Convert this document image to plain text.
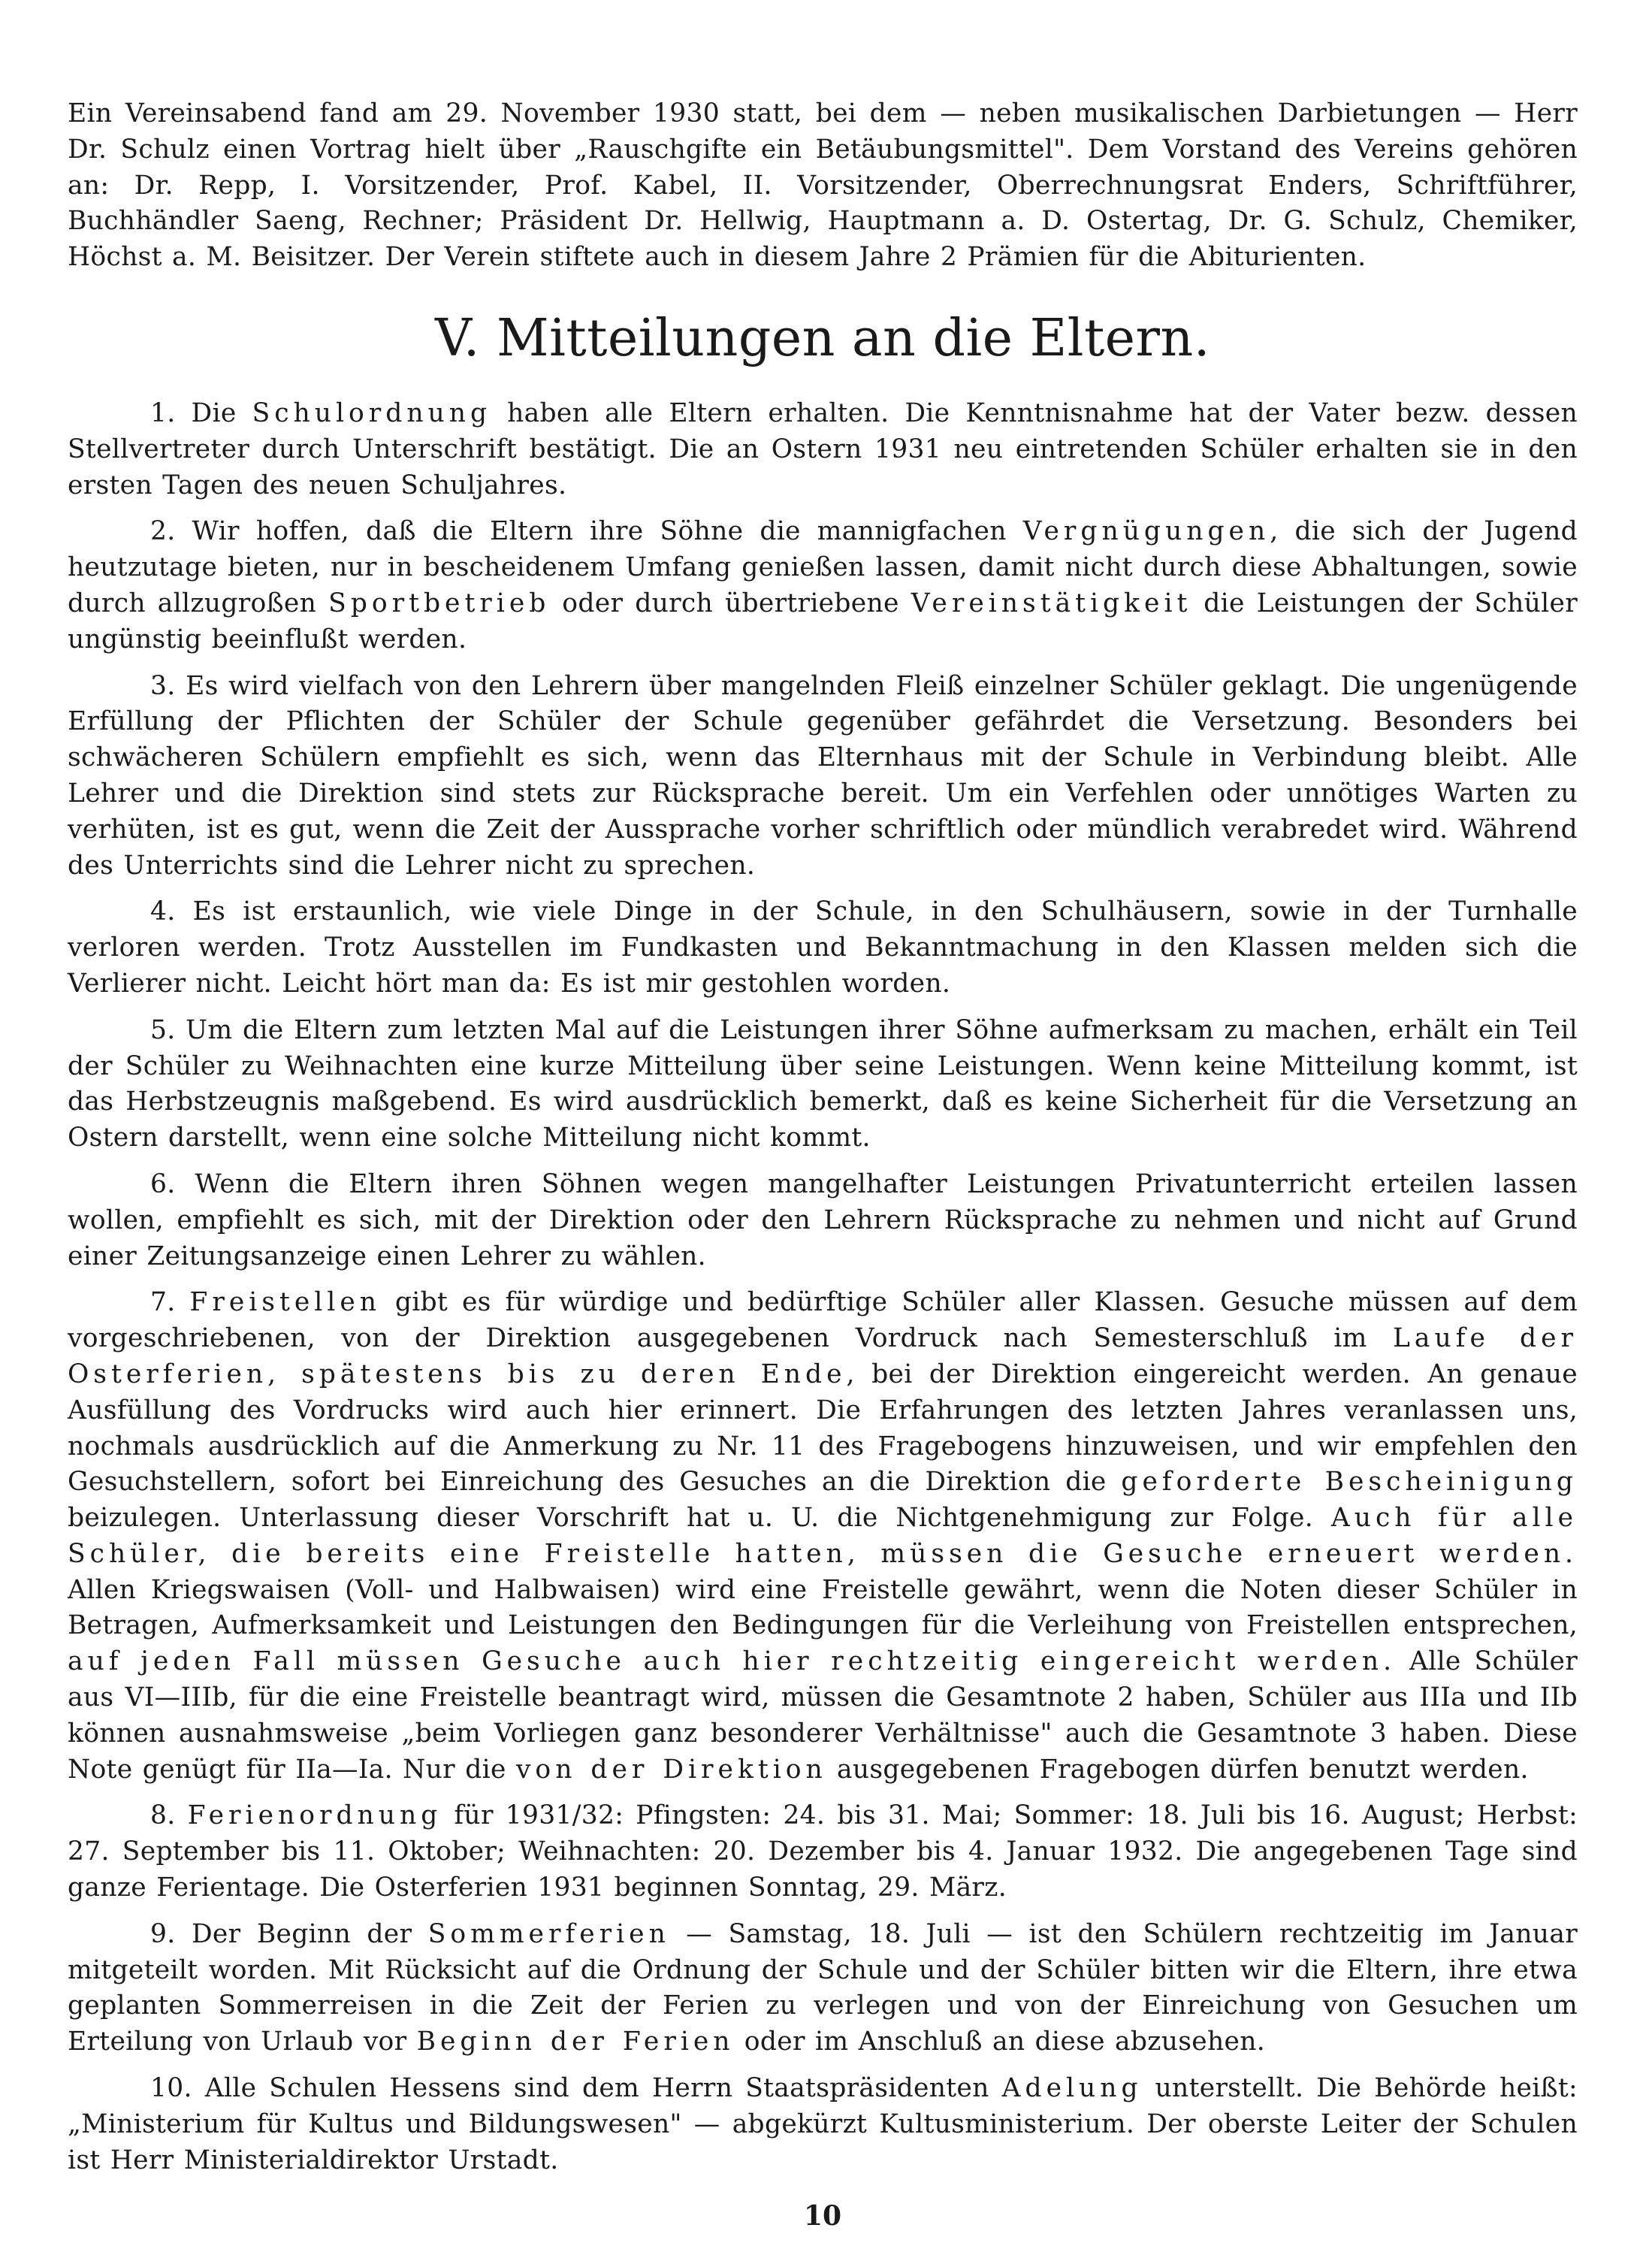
Ein Vereinsabend fand am 29. November 1930 statt, bei dem — neben musikalischen Darbietungen — Herr Dr. Schulz einen Vortrag hielt über „Rauschgifte ein Betäubungsmittel". Dem Vorstand des Vereins gehören an: Dr. Repp, I. Vorsitzender, Prof. Kabel, II. Vorsitzender, Oberrechnungsrat Enders, Schriftführer, Buchhändler Saeng, Rechner; Präsident Dr. Hellwig, Hauptmann a. D. Ostertag, Dr. G. Schulz, Chemiker, Höchst a. M. Beisitzer. Der Verein stiftete auch in diesem Jahre 2 Prämien für die Abiturienten.

V. Mitteilungen an die Eltern.

1. Die Schulordnung haben alle Eltern erhalten. Die Kenntnisnahme hat der Vater bezw. dessen Stellvertreter durch Unterschrift bestätigt. Die an Ostern 1931 neu eintretenden Schüler erhalten sie in den ersten Tagen des neuen Schuljahres.

2. Wir hoffen, daß die Eltern ihre Söhne die mannigfachen Vergnügungen, die sich der Jugend heutzutage bieten, nur in bescheidenem Umfang genießen lassen, damit nicht durch diese Abhaltungen, sowie durch allzugroßen Sportbetrieb oder durch übertriebene Vereinstätigkeit die Leistungen der Schüler ungünstig beeinflußt werden.

3. Es wird vielfach von den Lehrern über mangelnden Fleiß einzelner Schüler geklagt. Die ungenügende Erfüllung der Pflichten der Schüler der Schule gegenüber gefährdet die Versetzung. Besonders bei schwächeren Schülern empfiehlt es sich, wenn das Elternhaus mit der Schule in Verbindung bleibt. Alle Lehrer und die Direktion sind stets zur Rücksprache bereit. Um ein Verfehlen oder unnötiges Warten zu verhüten, ist es gut, wenn die Zeit der Aussprache vorher schriftlich oder mündlich verabredet wird. Während des Unterrichts sind die Lehrer nicht zu sprechen.

4. Es ist erstaunlich, wie viele Dinge in der Schule, in den Schulhäusern, sowie in der Turnhalle verloren werden. Trotz Ausstellen im Fundkasten und Bekanntmachung in den Klassen melden sich die Verlierer nicht. Leicht hört man da: Es ist mir gestohlen worden.

5. Um die Eltern zum letzten Mal auf die Leistungen ihrer Söhne aufmerksam zu machen, erhält ein Teil der Schüler zu Weihnachten eine kurze Mitteilung über seine Leistungen. Wenn keine Mitteilung kommt, ist das Herbstzeugnis maßgebend. Es wird ausdrücklich bemerkt, daß es keine Sicherheit für die Versetzung an Ostern darstellt, wenn eine solche Mitteilung nicht kommt.

6. Wenn die Eltern ihren Söhnen wegen mangelhafter Leistungen Privatunterricht erteilen lassen wollen, empfiehlt es sich, mit der Direktion oder den Lehrern Rücksprache zu nehmen und nicht auf Grund einer Zeitungsanzeige einen Lehrer zu wählen.

7. Freistellen gibt es für würdige und bedürftige Schüler aller Klassen. Gesuche müssen auf dem vorgeschriebenen, von der Direktion ausgegebenen Vordruck nach Semesterschluß im Laufe der Osterferien, spätestens bis zu deren Ende, bei der Direktion eingereicht werden. An genaue Ausfüllung des Vordrucks wird auch hier erinnert. Die Erfahrungen des letzten Jahres veranlassen uns, nochmals ausdrücklich auf die Anmerkung zu Nr. 11 des Fragebogens hinzuweisen, und wir empfehlen den Gesuchstellern, sofort bei Einreichung des Gesuches an die Direktion die geforderte Bescheinigung beizulegen. Unterlassung dieser Vorschrift hat u. U. die Nichtgenehmigung zur Folge. Auch für alle Schüler, die bereits eine Freistelle hatten, müssen die Gesuche erneuert werden. Allen Kriegswaisen (Voll- und Halbwaisen) wird eine Freistelle gewährt, wenn die Noten dieser Schüler in Betragen, Aufmerksamkeit und Leistungen den Bedingungen für die Verleihung von Freistellen entsprechen, auf jeden Fall müssen Gesuche auch hier rechtzeitig eingereicht werden. Alle Schüler aus VI—IIIb, für die eine Freistelle beantragt wird, müssen die Gesamtnote 2 haben, Schüler aus IIIa und IIb können ausnahmsweise „beim Vorliegen ganz besonderer Verhältnisse" auch die Gesamtnote 3 haben. Diese Note genügt für IIa—Ia. Nur die von der Direktion ausgegebenen Fragebogen dürfen benutzt werden.

8. Ferienordnung für 1931/32: Pfingsten: 24. bis 31. Mai; Sommer: 18. Juli bis 16. August; Herbst: 27. September bis 11. Oktober; Weihnachten: 20. Dezember bis 4. Januar 1932. Die angegebenen Tage sind ganze Ferientage. Die Osterferien 1931 beginnen Sonntag, 29. März.

9. Der Beginn der Sommerferien — Samstag, 18. Juli — ist den Schülern rechtzeitig im Januar mitgeteilt worden. Mit Rücksicht auf die Ordnung der Schule und der Schüler bitten wir die Eltern, ihre etwa geplanten Sommerreisen in die Zeit der Ferien zu verlegen und von der Einreichung von Gesuchen um Erteilung von Urlaub vor Beginn der Ferien oder im Anschluß an diese abzusehen.

10. Alle Schulen Hessens sind dem Herrn Staatspräsidenten Adelung unterstellt. Die Behörde heißt: „Ministerium für Kultus und Bildungswesen" — abgekürzt Kultusministerium. Der oberste Leiter der Schulen ist Herr Ministerialdirektor Urstadt.

10
